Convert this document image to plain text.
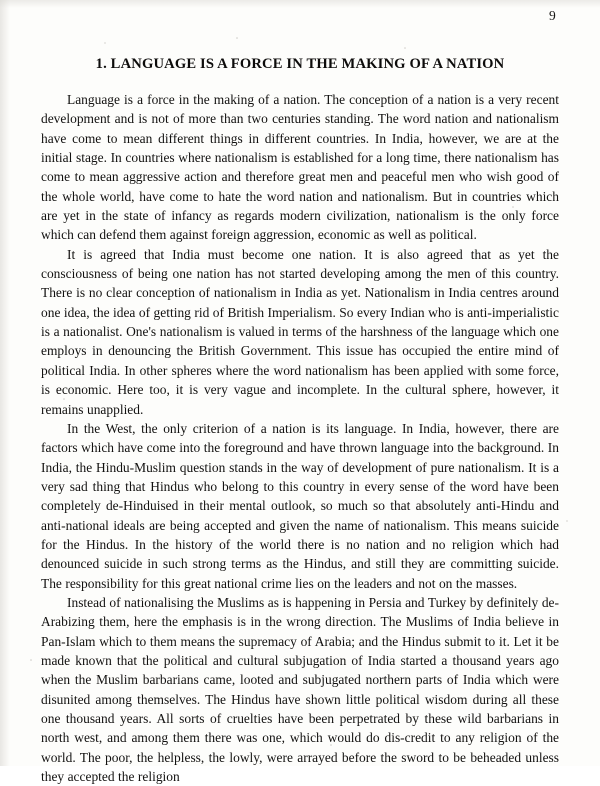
9
1. LANGUAGE IS A FORCE IN THE MAKING OF A NATION

Language is a force in the making of a nation. The conception of a nation is a very recent development and is not of more than two centuries standing. The word nation and nationalism have come to mean different things in different countries. In India, however, we are at the initial stage. In countries where nationalism is established for a long time, there nationalism has come to mean aggressive action and therefore great men and peaceful men who wish good of the whole world, have come to hate the word nation and nationalism. But in countries which are yet in the state of infancy as regards modern civilization, nationalism is the only force which can defend them against foreign aggression, economic as well as political.

It is agreed that India must become one nation. It is also agreed that as yet the consciousness of being one nation has not started developing among the men of this country. There is no clear conception of nationalism in India as yet. Nationalism in India centres around one idea, the idea of getting rid of British Imperialism. So every Indian who is anti-imperialistic is a nationalist. One's nationalism is valued in terms of the harshness of the language which one employs in denouncing the British Government. This issue has occupied the entire mind of political India. In other spheres where the word nationalism has been applied with some force, is economic. Here too, it is very vague and incomplete. In the cultural sphere, however, it remains unapplied.

In the West, the only criterion of a nation is its language. In India, however, there are factors which have come into the foreground and have thrown language into the background. In India, the Hindu-Muslim question stands in the way of development of pure nationalism. It is a very sad thing that Hindus who belong to this country in every sense of the word have been completely de-Hinduised in their mental outlook, so much so that absolutely anti-Hindu and anti-national ideals are being accepted and given the name of nationalism. This means suicide for the Hindus. In the history of the world there is no nation and no religion which had denounced suicide in such strong terms as the Hindus, and still they are committing suicide. The responsibility for this great national crime lies on the leaders and not on the masses.

Instead of nationalising the Muslims as is happening in Persia and Turkey by definitely de-Arabizing them, here the emphasis is in the wrong direction. The Muslims of India believe in Pan-Islam which to them means the supremacy of Arabia; and the Hindus submit to it. Let it be made known that the political and cultural subjugation of India started a thousand years ago when the Muslim barbarians came, looted and subjugated northern parts of India which were disunited among themselves. The Hindus have shown little political wisdom during all these one thousand years. All sorts of cruelties have been perpetrated by these wild barbarians in north west, and among them there was one, which would do dis-credit to any religion of the world. The poor, the helpless, the lowly, were arrayed before the sword to be beheaded unless they accepted the religion
